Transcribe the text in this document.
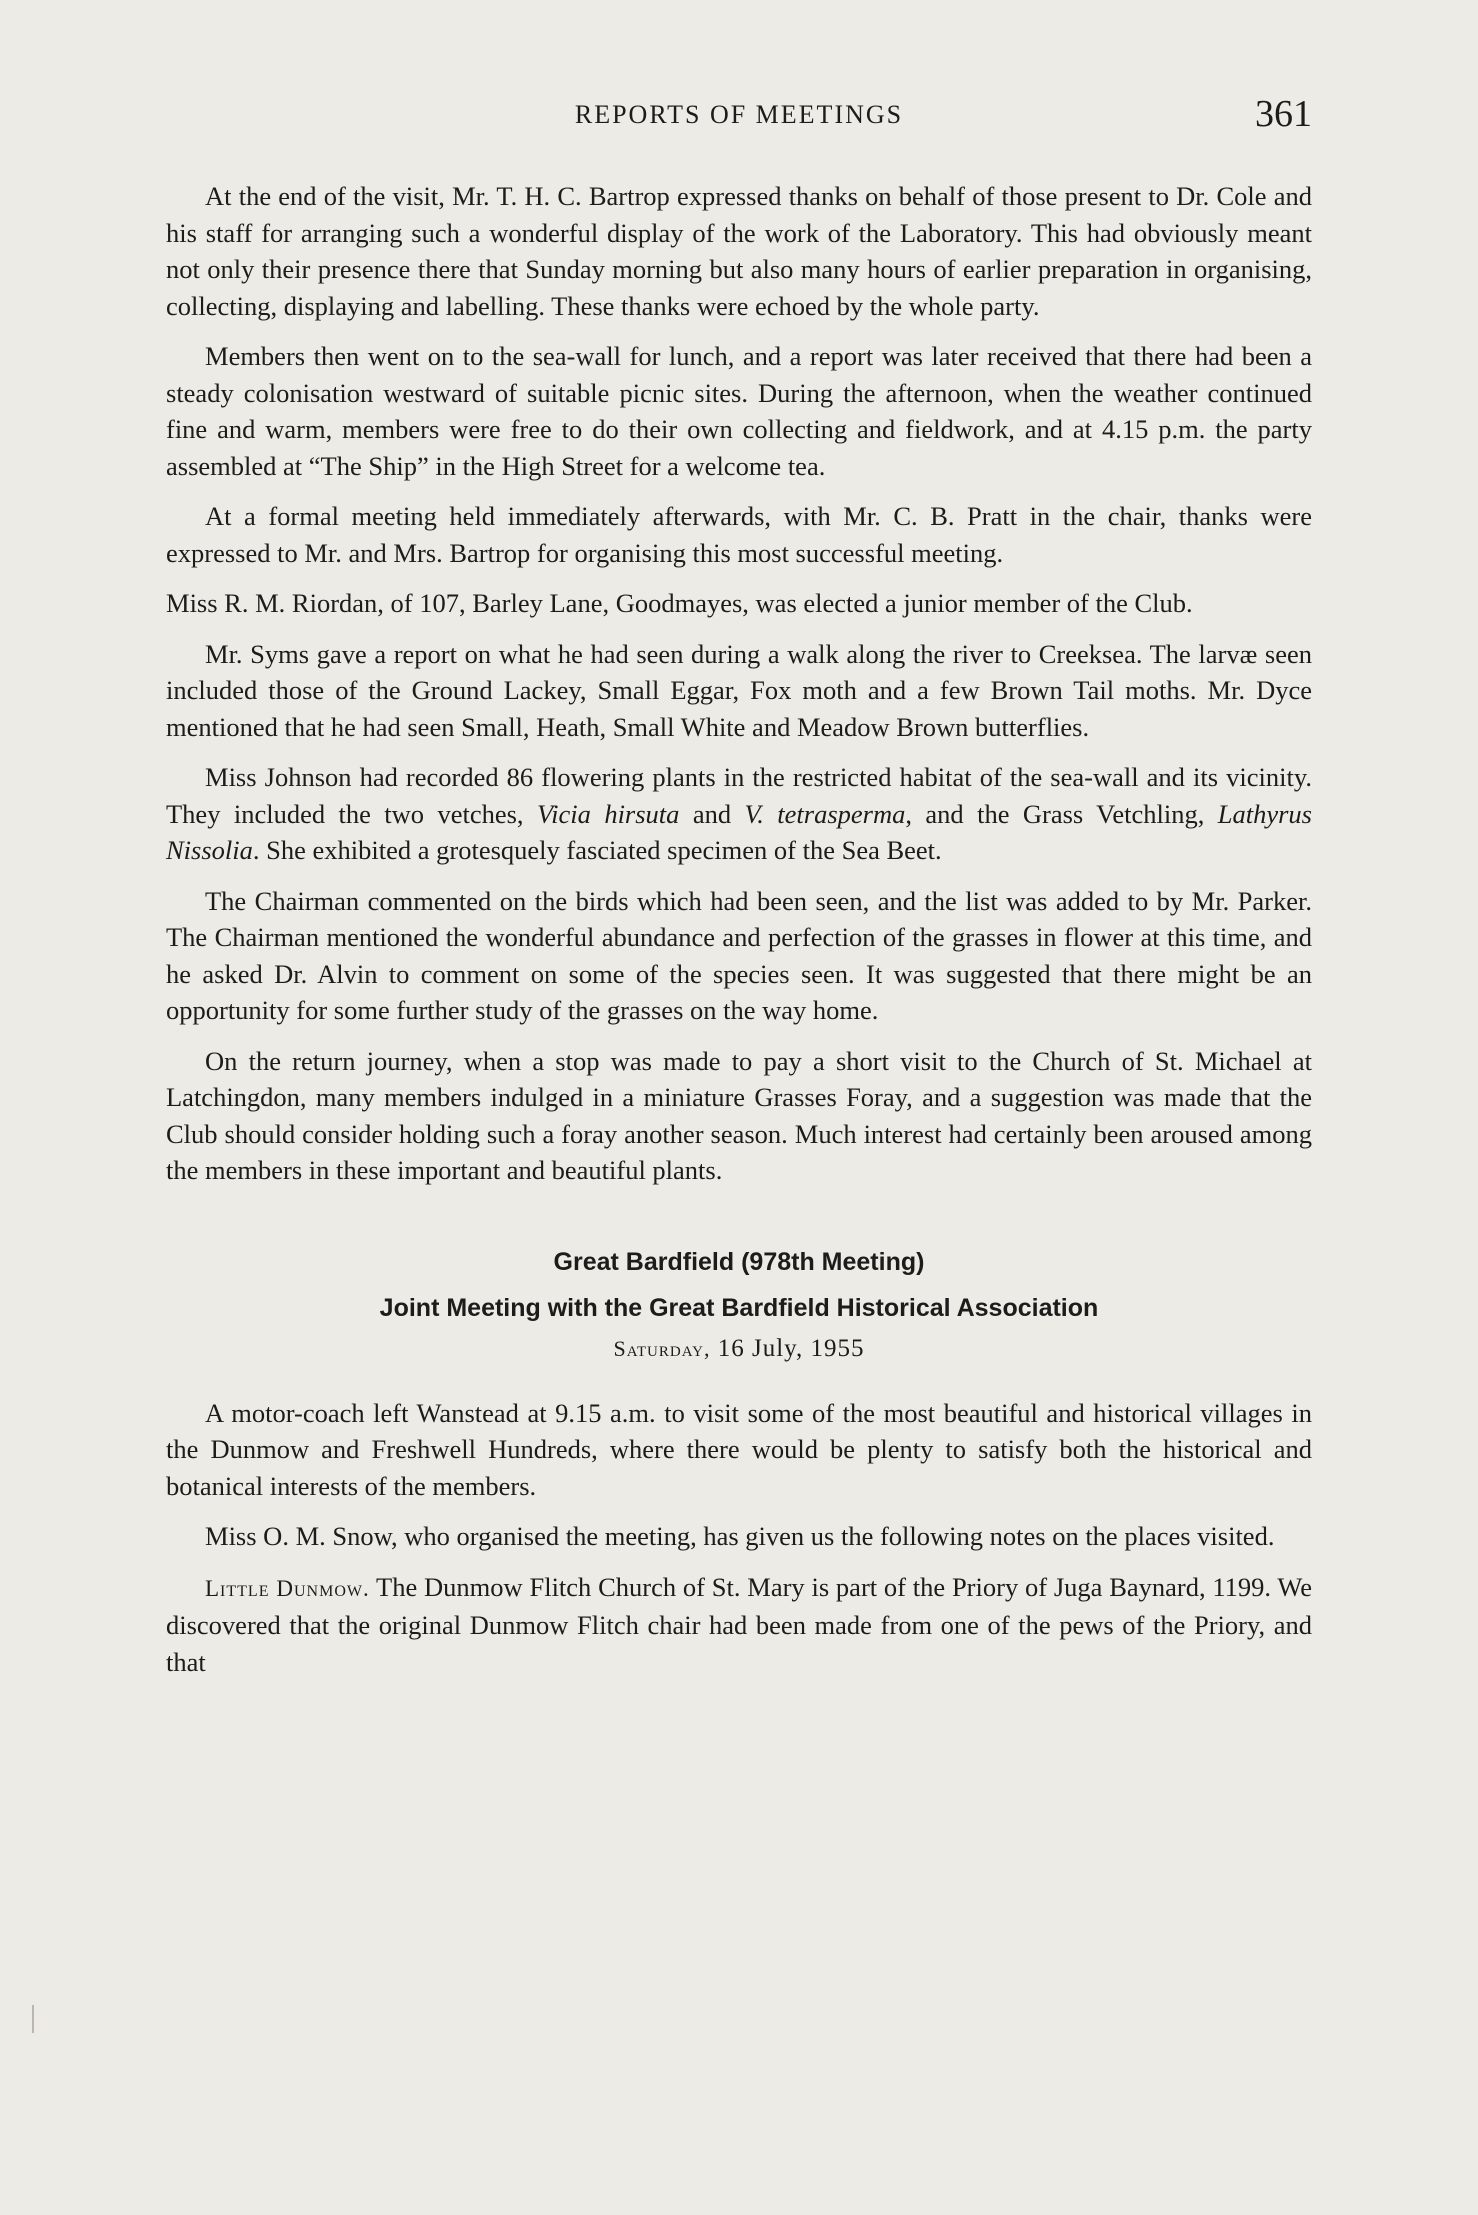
REPORTS OF MEETINGS	361

At the end of the visit, Mr. T. H. C. Bartrop expressed thanks on behalf of those present to Dr. Cole and his staff for arranging such a wonderful display of the work of the Laboratory. This had obviously meant not only their presence there that Sunday morning but also many hours of earlier preparation in organising, collecting, displaying and labelling. These thanks were echoed by the whole party.

Members then went on to the sea-wall for lunch, and a report was later received that there had been a steady colonisation westward of suitable picnic sites. During the afternoon, when the weather continued fine and warm, members were free to do their own collecting and fieldwork, and at 4.15 p.m. the party assembled at “The Ship” in the High Street for a welcome tea.

At a formal meeting held immediately afterwards, with Mr. C. B. Pratt in the chair, thanks were expressed to Mr. and Mrs. Bartrop for organising this most successful meeting.

Miss R. M. Riordan, of 107, Barley Lane, Goodmayes, was elected a junior member of the Club.

Mr. Syms gave a report on what he had seen during a walk along the river to Creeksea. The larvæ seen included those of the Ground Lackey, Small Eggar, Fox moth and a few Brown Tail moths. Mr. Dyce mentioned that he had seen Small, Heath, Small White and Meadow Brown butterflies.

Miss Johnson had recorded 86 flowering plants in the restricted habitat of the sea-wall and its vicinity. They included the two vetches, Vicia hirsuta and V. tetrasperma, and the Grass Vetchling, Lathyrus Nissolia. She exhibited a grotesquely fasciated specimen of the Sea Beet.

The Chairman commented on the birds which had been seen, and the list was added to by Mr. Parker. The Chairman mentioned the wonderful abundance and perfection of the grasses in flower at this time, and he asked Dr. Alvin to comment on some of the species seen. It was suggested that there might be an opportunity for some further study of the grasses on the way home.

On the return journey, when a stop was made to pay a short visit to the Church of St. Michael at Latchingdon, many members indulged in a miniature Grasses Foray, and a suggestion was made that the Club should consider holding such a foray another season. Much interest had certainly been aroused among the members in these important and beautiful plants.

Great Bardfield (978th Meeting)
Joint Meeting with the Great Bardfield Historical Association
Saturday, 16 July, 1955

A motor-coach left Wanstead at 9.15 a.m. to visit some of the most beautiful and historical villages in the Dunmow and Freshwell Hundreds, where there would be plenty to satisfy both the historical and botanical interests of the members.

Miss O. M. Snow, who organised the meeting, has given us the following notes on the places visited.

Little Dunmow. The Dunmow Flitch Church of St. Mary is part of the Priory of Juga Baynard, 1199. We discovered that the original Dunmow Flitch chair had been made from one of the pews of the Priory, and that
